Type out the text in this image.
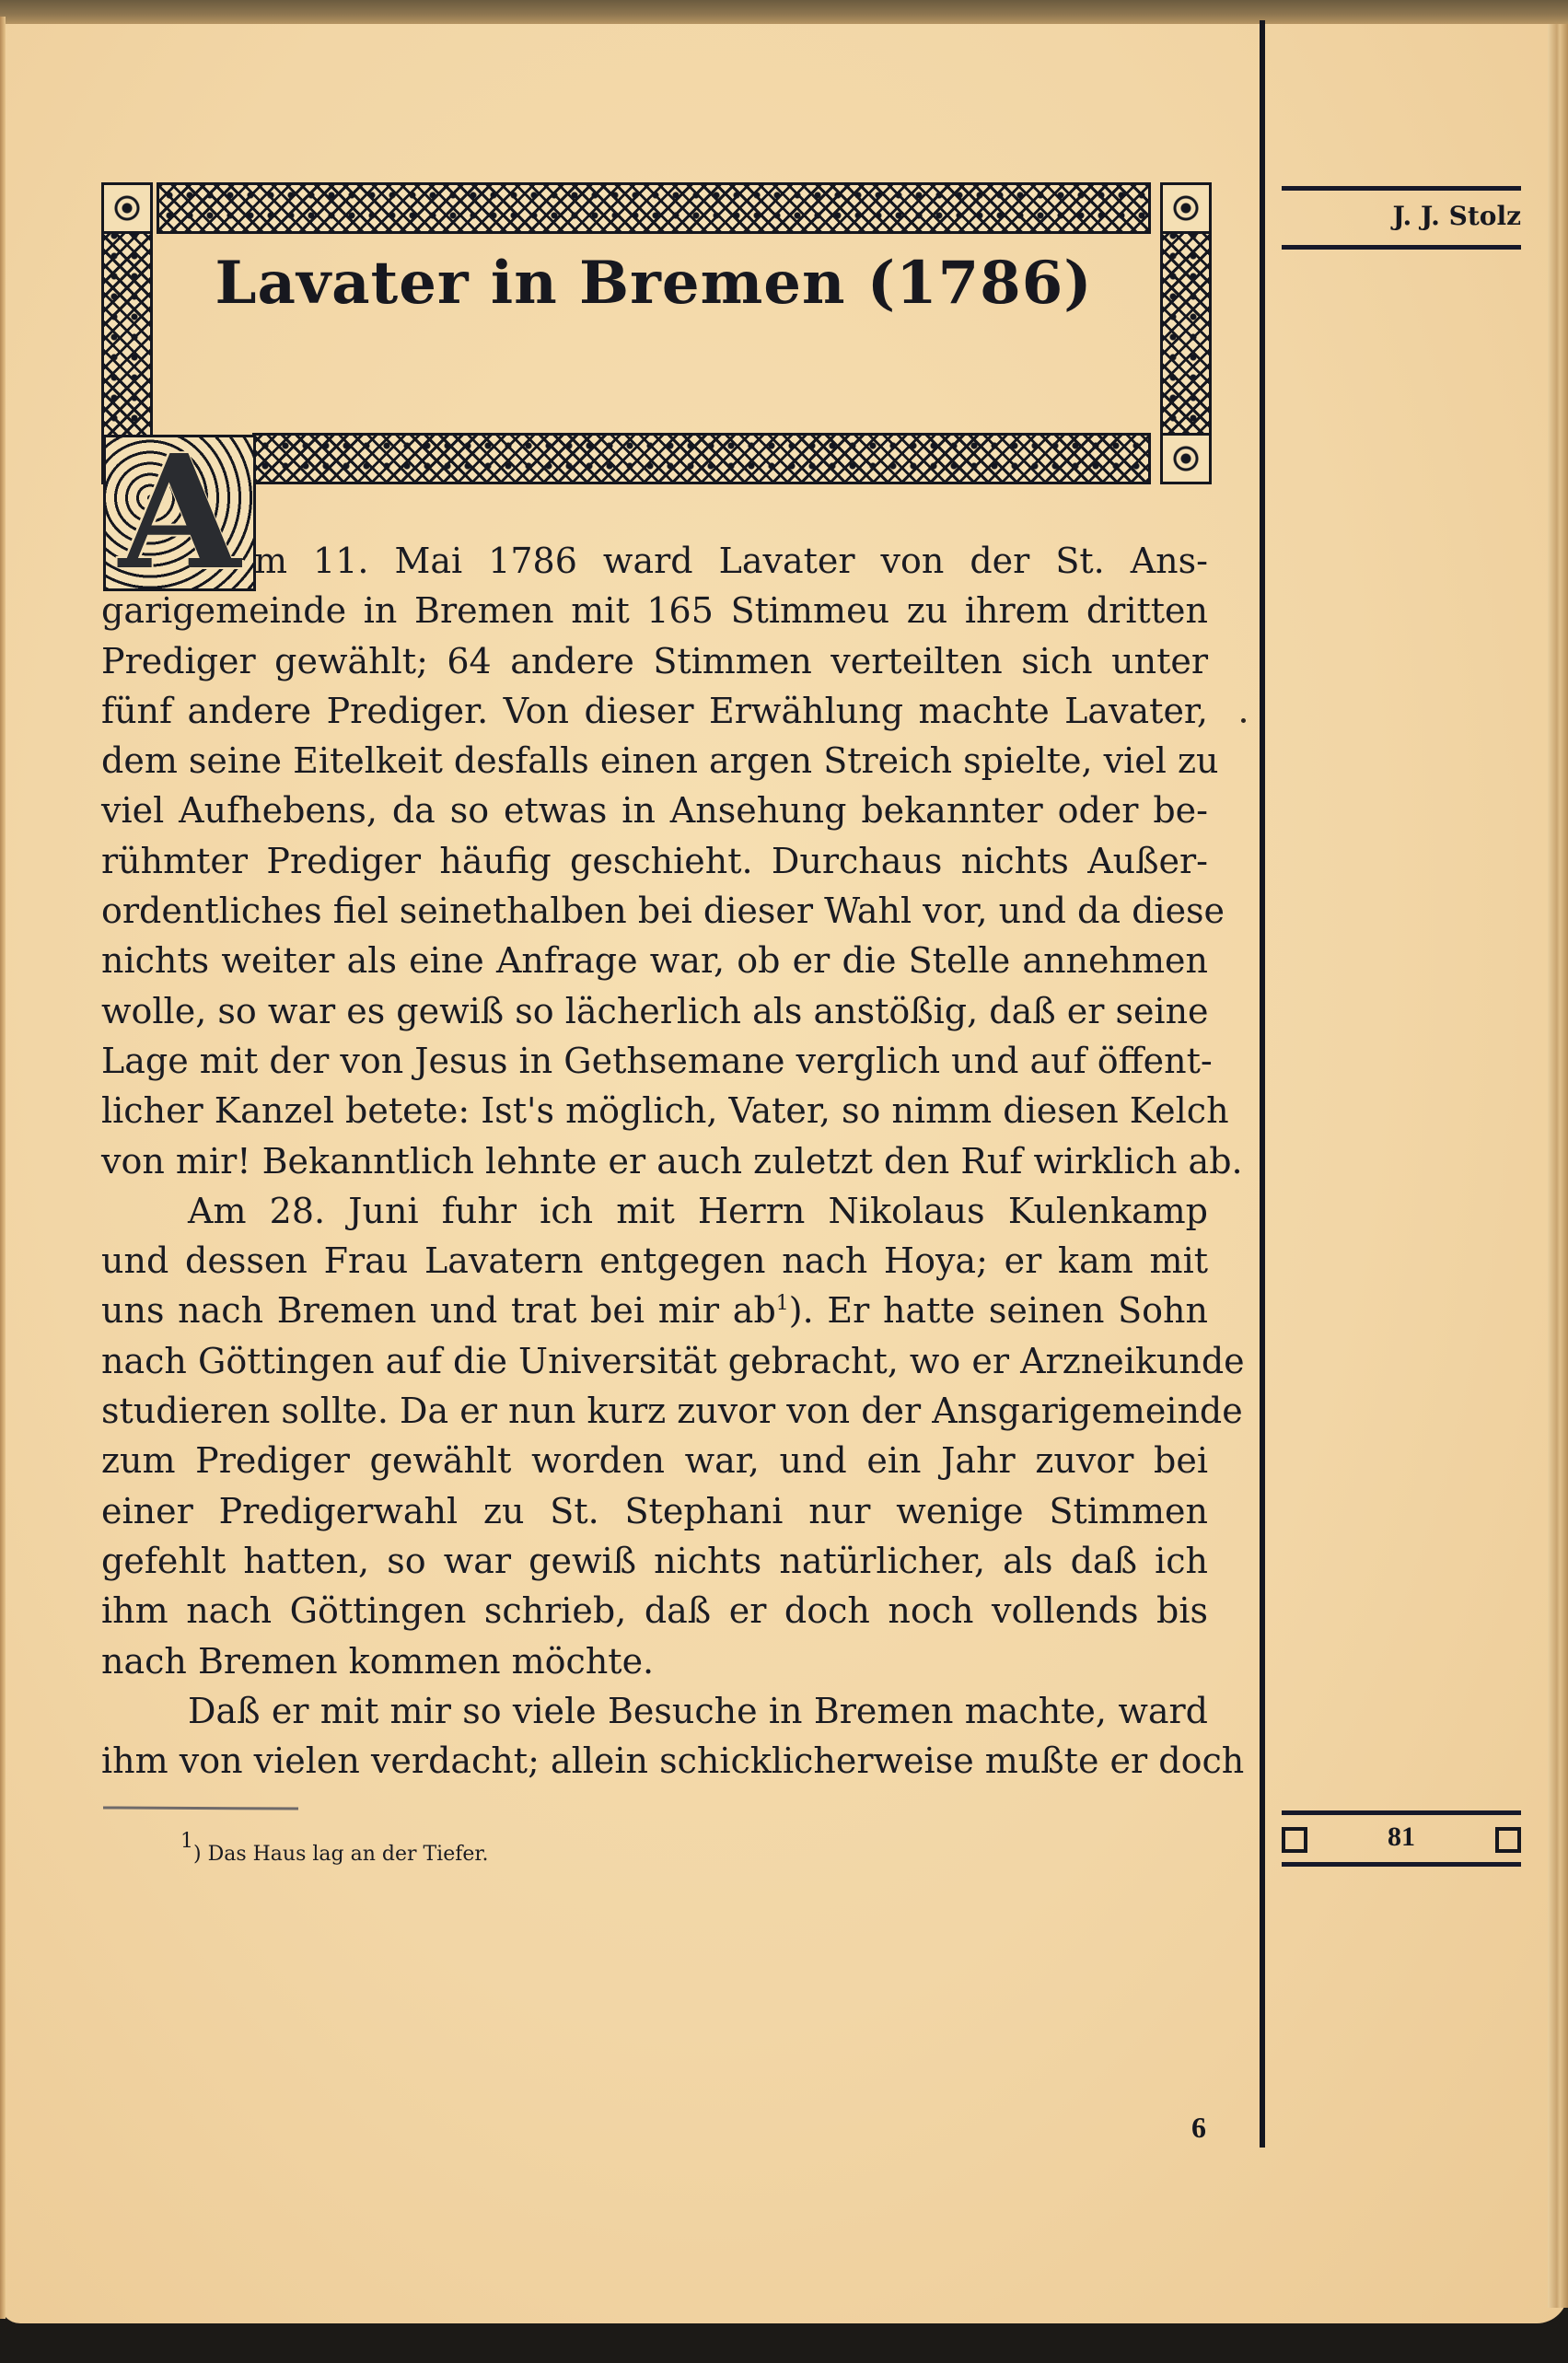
Lavater in Bremen (1786)
A m 11. Mai 1786 ward Lavater von der St. Ans-
garigemeinde in Bremen mit 165 Stimmeu zu ihrem dritten
Prediger gewählt; 64 andere Stimmen verteilten sich unter
fünf andere Prediger. Von dieser Erwählung machte Lavater,
dem seine Eitelkeit desfalls einen argen Streich spielte, viel zu
viel Aufhebens, da so etwas in Ansehung bekannter oder be-
rühmter Prediger häufig geschieht. Durchaus nichts Außer-
ordentliches fiel seinethalben bei dieser Wahl vor, und da diese
nichts weiter als eine Anfrage war, ob er die Stelle annehmen
wolle, so war es gewiß so lächerlich als anstößig, daß er seine
Lage mit der von Jesus in Gethsemane verglich und auf öffent-
licher Kanzel betete: Ist's möglich, Vater, so nimm diesen Kelch
von mir! Bekanntlich lehnte er auch zuletzt den Ruf wirklich ab.
Am 28. Juni fuhr ich mit Herrn Nikolaus Kulenkamp
und dessen Frau Lavatern entgegen nach Hoya; er kam mit
uns nach Bremen und trat bei mir $ab^1$). Er hatte seinen Sohn
nach Göttingen auf die Universität gebracht, wo er Arzneikunde
studieren sollte. Da er nun kurz zuvor von der Ansgarigemeinde
zum Prediger gewählt worden war, und ein Jahr zuvor bei
einer Predigerwahl zu St. Stephani nur wenige Stimmen
gefehlt hatten, so war gewiß nichts natürlicher, als daß ich
ihm nach Göttingen schrieb, daß er doch noch vollends bis
nach Bremen kommen möchte.
Daß er mit mir so viele Besuche in Bremen machte, ward
ihm von vielen verdacht; allein schicklicherweise mußte er doch
$^1$) Das Haus lag an der Tiefer.
J. J. Stolz
81
6
